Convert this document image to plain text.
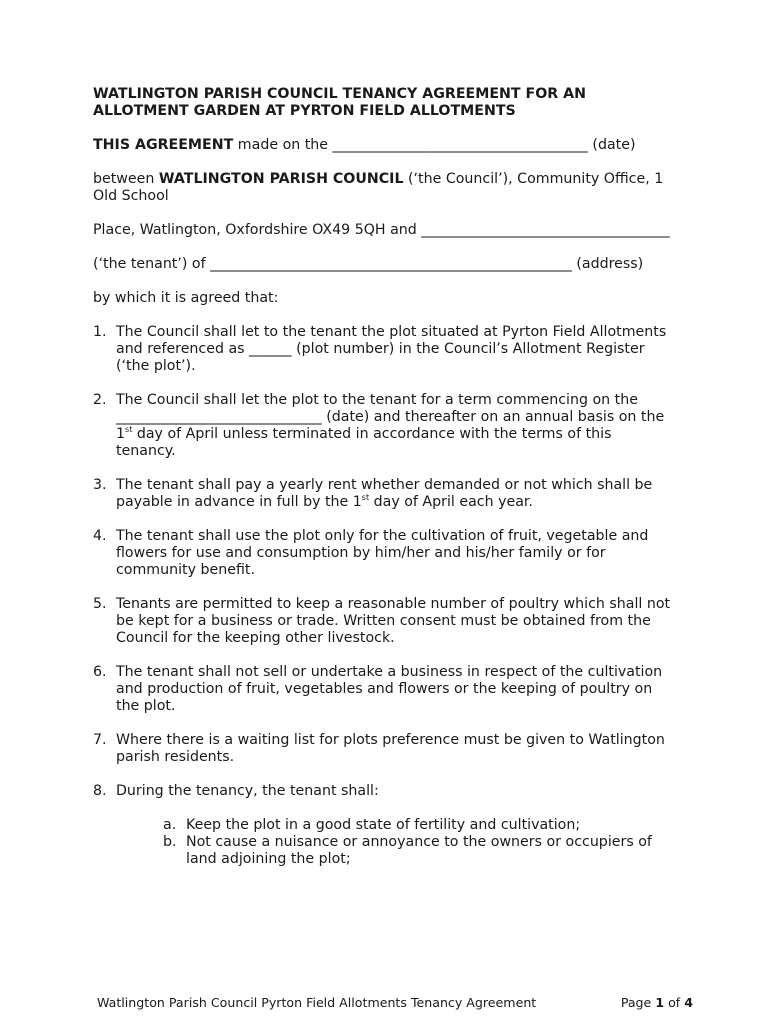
WATLINGTON PARISH COUNCIL TENANCY AGREEMENT FOR AN ALLOTMENT GARDEN AT PYRTON FIELD ALLOTMENTS

THIS AGREEMENT made on the ____________________________________ (date)

between WATLINGTON PARISH COUNCIL (‘the Council’), Community Office, 1 Old School

Place, Watlington, Oxfordshire OX49 5QH and ___________________________________

(‘the tenant’) of ___________________________________________________ (address)

by which it is agreed that:

1. The Council shall let to the tenant the plot situated at Pyrton Field Allotments and referenced as ______ (plot number) in the Council’s Allotment Register (‘the plot’).
2. The Council shall let the plot to the tenant for a term commencing on the _____________________________ (date) and thereafter on an annual basis on the 1st day of April unless terminated in accordance with the terms of this tenancy.
3. The tenant shall pay a yearly rent whether demanded or not which shall be payable in advance in full by the 1st day of April each year.
4. The tenant shall use the plot only for the cultivation of fruit, vegetable and flowers for use and consumption by him/her and his/her family or for community benefit.
5. Tenants are permitted to keep a reasonable number of poultry which shall not be kept for a business or trade. Written consent must be obtained from the Council for the keeping other livestock.
6. The tenant shall not sell or undertake a business in respect of the cultivation and production of fruit, vegetables and flowers or the keeping of poultry on the plot.
7. Where there is a waiting list for plots preference must be given to Watlington parish residents.
8. During the tenancy, the tenant shall:
a. Keep the plot in a good state of fertility and cultivation;
b. Not cause a nuisance or annoyance to the owners or occupiers of land adjoining the plot;
Watlington Parish Council Pyrton Field Allotments Tenancy Agreement	Page 1 of 4
